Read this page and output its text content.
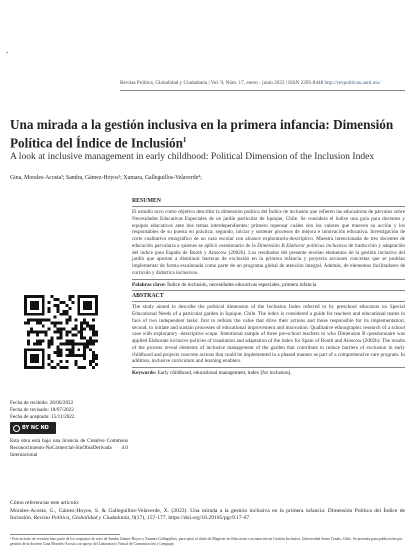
.
Revista Política, Globalidad y Ciudadanía | Vol. 9, Núm. 17, enero - junio 2023 | ISSN 2395-8448 http://revpoliticas.uanl.mx/
Una mirada a la gestión inclusiva en la primera infancia: Dimensión Política del Índice de Inclusión$^1$
A look at inclusive management in early childhood: Political Dimension of the Inclusion Index
Gina, Morales-Acosta²; Sandra, Gámez-Hoyos³; Xumara, Galleguillos-Velaverde⁴;
Fecha de recibido: 28/06/2022
Fecha de revisado: 18/07/2022
Fecha de aceptado: 15/11/2022
BY NC ND
Esta obra está bajo una licencia de Creative Commons Reconocimiento-NoComercial-SinObraDerivada 4.0 Internacional

RESUMEN

El estudio tuvo como objetivo describir la dimensión política del Índice de inclusión que refieren las educadoras de párvulos sobre Necesidades Educativas Especiales de un jardín particular de Iquique, Chile. Se considera el índice una guía para docentes y equipos educativos ante dos temas interdependientes: primero repensar cuáles son los valores que mueven su acción y los responsables de su puesta en práctica; segundo, iniciar y sostener procesos de mejora e innovación educativa. Investigación de corte cualitativo etnográfico de un caso escolar con alcance exploratorio-descriptivo. Muestra intencionada de tres docentes de educación parvularia a quienes se aplicó cuestionario de la Dimensión B Elaborar políticas inclusivas de traducción y adaptación del índice para España de Booth y Ainscow (2002b). Los resultados del presente revelan elementos de la gestión inclusiva del jardín que aportan a disminuir barreras de exclusión en la primera infancia y proyecta acciones concretas que se podrían implementar de forma escalonada como parte de un programa global de atención integral. Además, de elementos facilitadores de currículo y didáctica inclusivos.

Palabras clave: Índice de inclusión, necesidades educativas especiales, primera infancia

ABSTRACT

The study aimed to describe the political dimension of the Inclusion Index referred to by preschool educators on Special Educational Needs of a particular garden in Iquique, Chile. The index is considered a guide for teachers and educational teams in face of two independent tasks: first to rethink the value that drive their actions and those responsible for its implementation; second, to initiate and sustain processes of educational improvement and innovation. Qualitative ethnographic research of a school case with exploratory -descriptive scope. Intentional sample of three pre-school teachers to who Dimension B questionnaire was applied Elaborate inclusive policies of translation and adaptation of the index for Spain of Booth and Ainscow (2002b). The results of the process reveal elements of inclusive management of the garden that contribute to reduce barriers of exclusion in early childhood and projects concrete actions that could be implemented in a phased manner as part of a comprehensive care program. In addition, inclusive curriculum and learning enablers.

Keywords: Early childhood, educational management, index [for inclusion].

Cómo referenciar este artículo:
Morales-Acosta, G., Gámez-Hoyos, S. & Galleguillos-Velaverde, X. (2023). Una mirada a la gestión inclusiva en la primera infancia: Dimensión Política del Índice de Inclusión. Revista Política, Globalidad y Ciudadanía, 9(17), 157-177. https://doi.org/10.29105/pgc9.17-07.
¹ Este artículo de revisión hizo parte de los requisitos de tesis de Sandra Gámez Hoyos y Xumara Galleguillos, para optar al título de Magíster en Educación con mención en Gestión Inclusiva, Universidad Santo Tomás, Chile. Se presenta para publicación por gestión de la docente Gina Morales-Acosta con apoyo del Laboratorio Virtual de Comunicación y Lenguaje.
